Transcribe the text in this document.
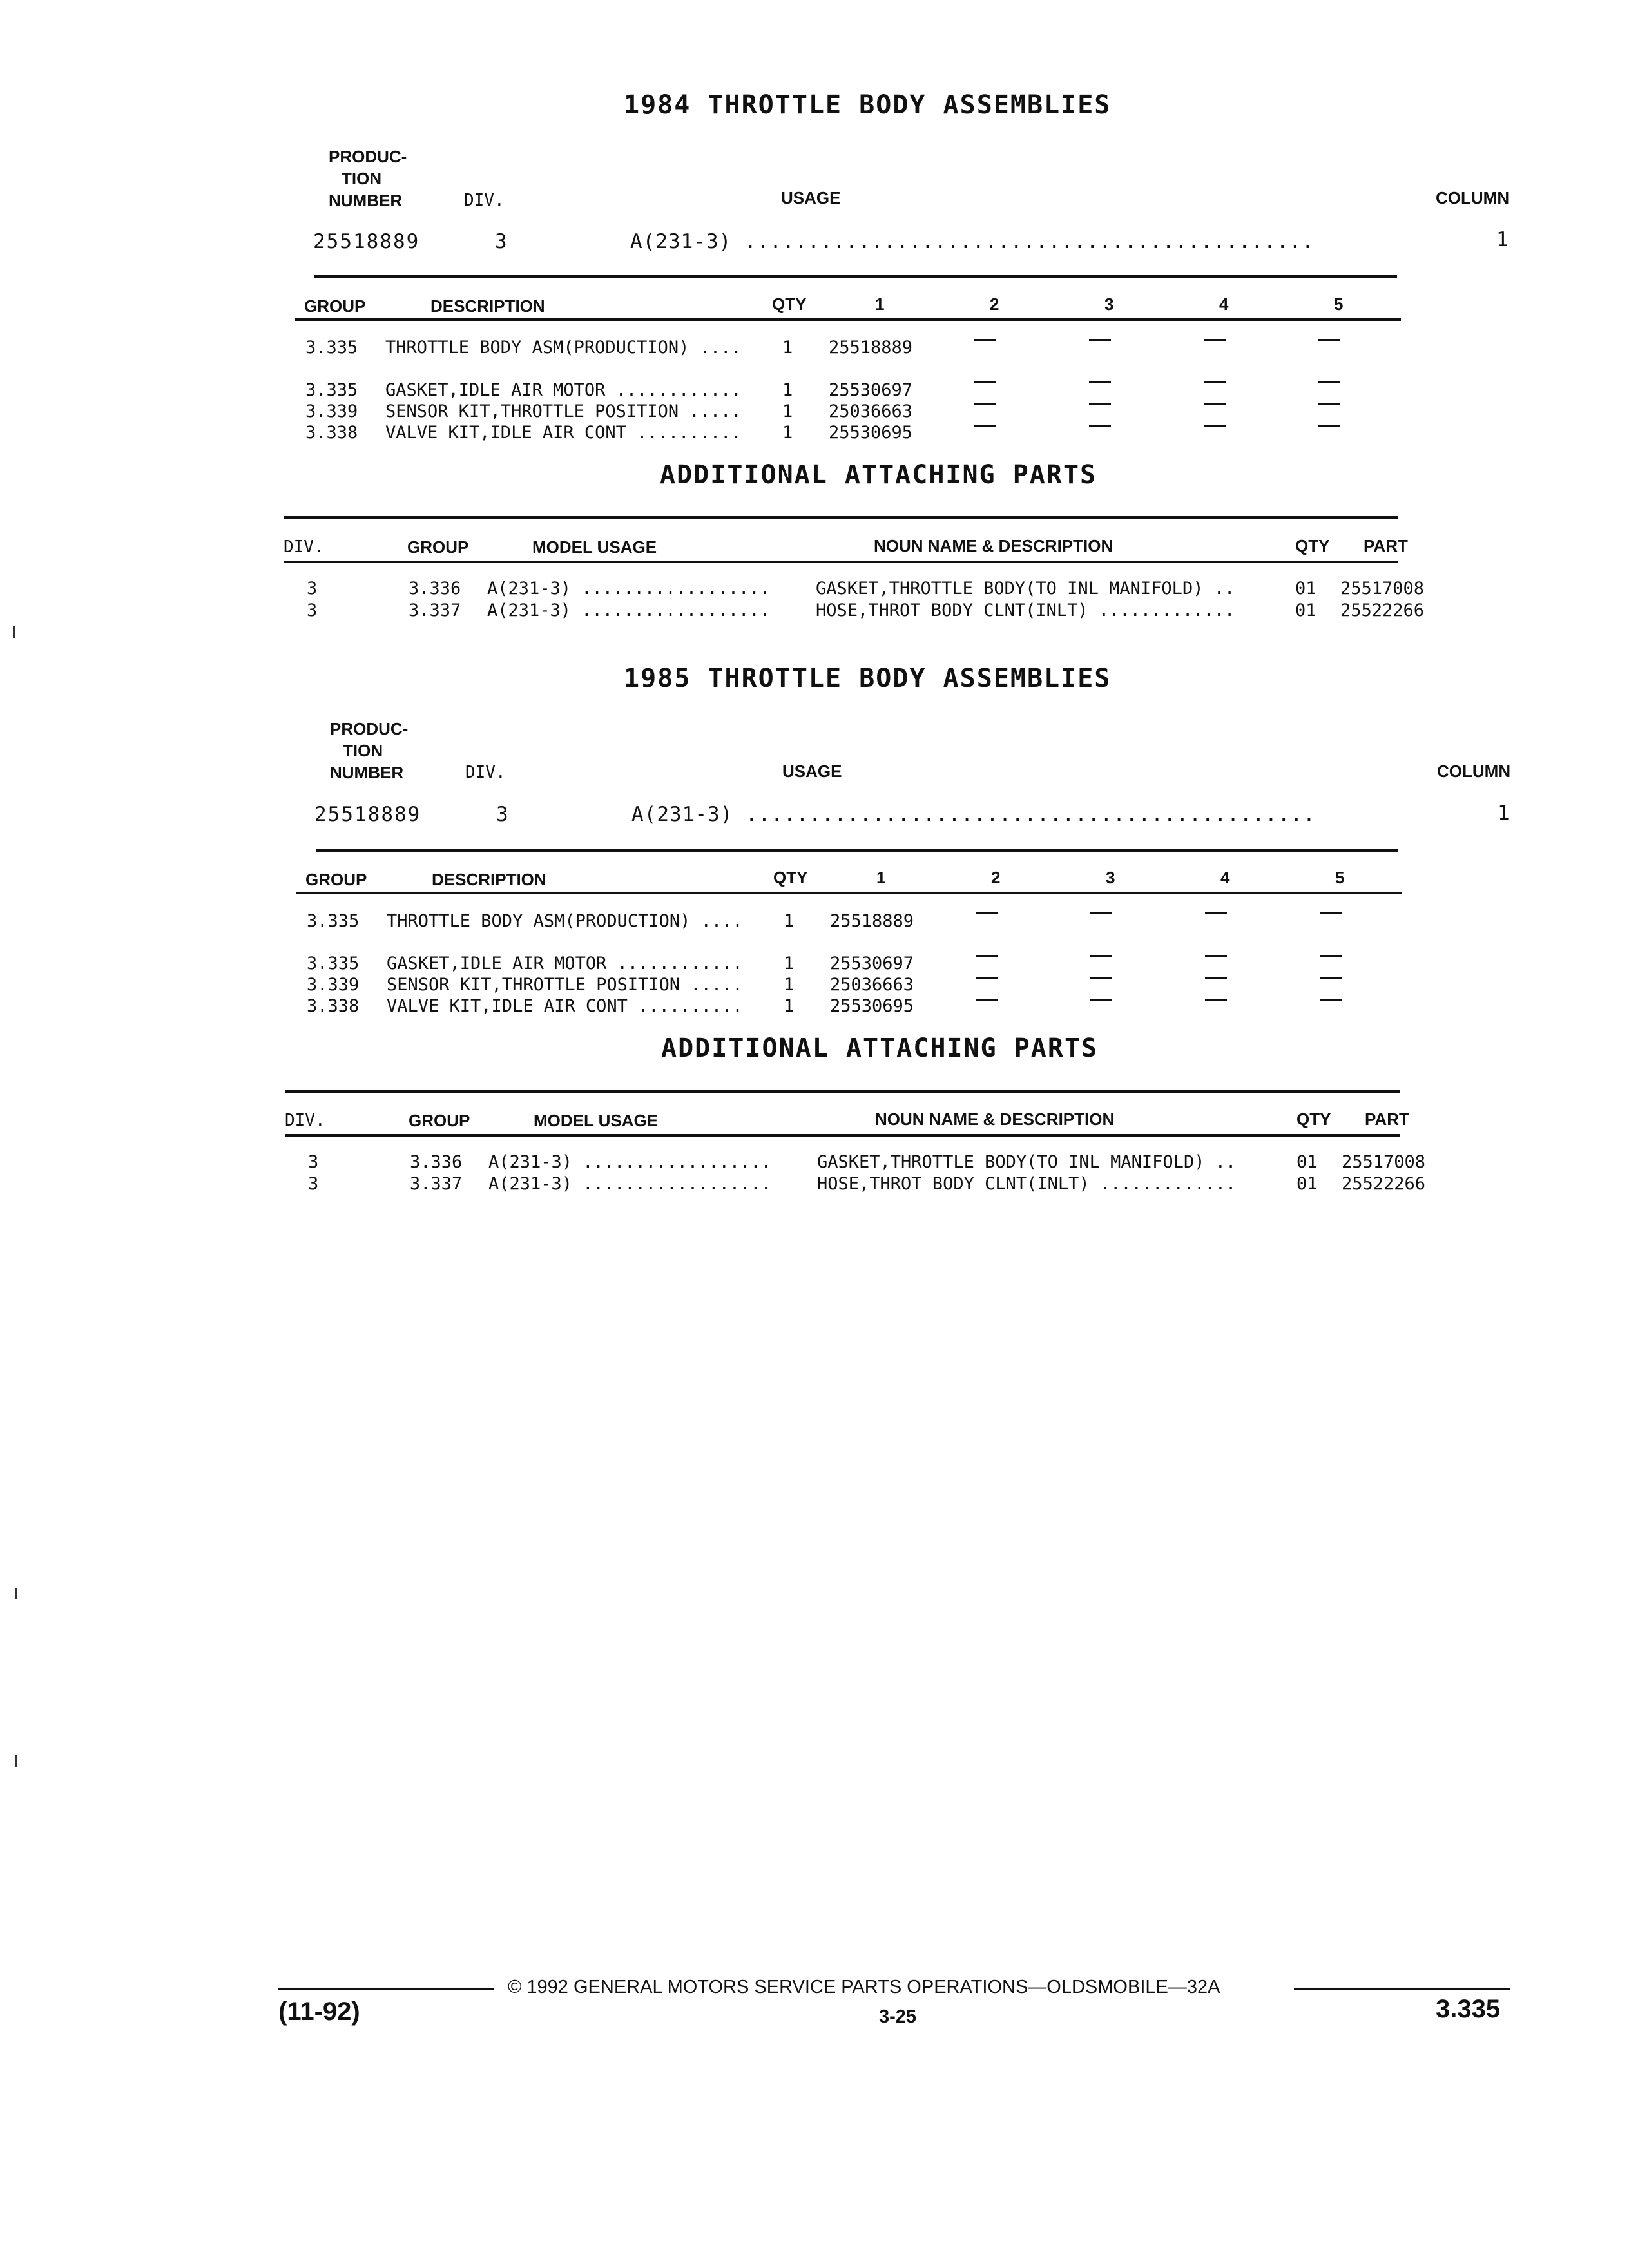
1984 THROTTLE BODY ASSEMBLIES
PRODUC-
TION
NUMBER	DIV.	USAGE	COLUMN
25518889	3	A(231-3) .............................................	1
GROUP	DESCRIPTION	QTY	1	2	3	4	5
3.335 THROTTLE BODY ASM(PRODUCTION) .... 1 25518889
3.335 GASKET,IDLE AIR MOTOR ............ 1 25530697
3.339 SENSOR KIT,THROTTLE POSITION ..... 1 25036663
3.338 VALVE KIT,IDLE AIR CONT .......... 1 25530695
ADDITIONAL ATTACHING PARTS
DIV.	GROUP	MODEL USAGE	NOUN NAME & DESCRIPTION	QTY PART
3	3.336 A(231-3) ..................	GASKET,THROTTLE BODY(TO INL MANIFOLD) ..	01 25517008
3	3.337 A(231-3) ..................	HOSE,THROT BODY CLNT(INLT) .............	01 25522266
1985 THROTTLE BODY ASSEMBLIES
PRODUC-
TION
NUMBER	DIV.	USAGE	COLUMN
25518889	3	A(231-3) .............................................	1
GROUP	DESCRIPTION	QTY	1	2	3	4	5
3.335 THROTTLE BODY ASM(PRODUCTION) .... 1 25518889
3.335 GASKET,IDLE AIR MOTOR ............ 1 25530697
3.339 SENSOR KIT,THROTTLE POSITION ..... 1 25036663
3.338 VALVE KIT,IDLE AIR CONT .......... 1 25530695
ADDITIONAL ATTACHING PARTS
DIV.	GROUP	MODEL USAGE	NOUN NAME & DESCRIPTION	QTY PART
3	3.336 A(231-3) ..................	GASKET,THROTTLE BODY(TO INL MANIFOLD) ..	01 25517008
3	3.337 A(231-3) ..................	HOSE,THROT BODY CLNT(INLT) .............	01 25522266
© 1992 GENERAL MOTORS SERVICE PARTS OPERATIONS—OLDSMOBILE—32A
(11-92)	3-25	3.335
